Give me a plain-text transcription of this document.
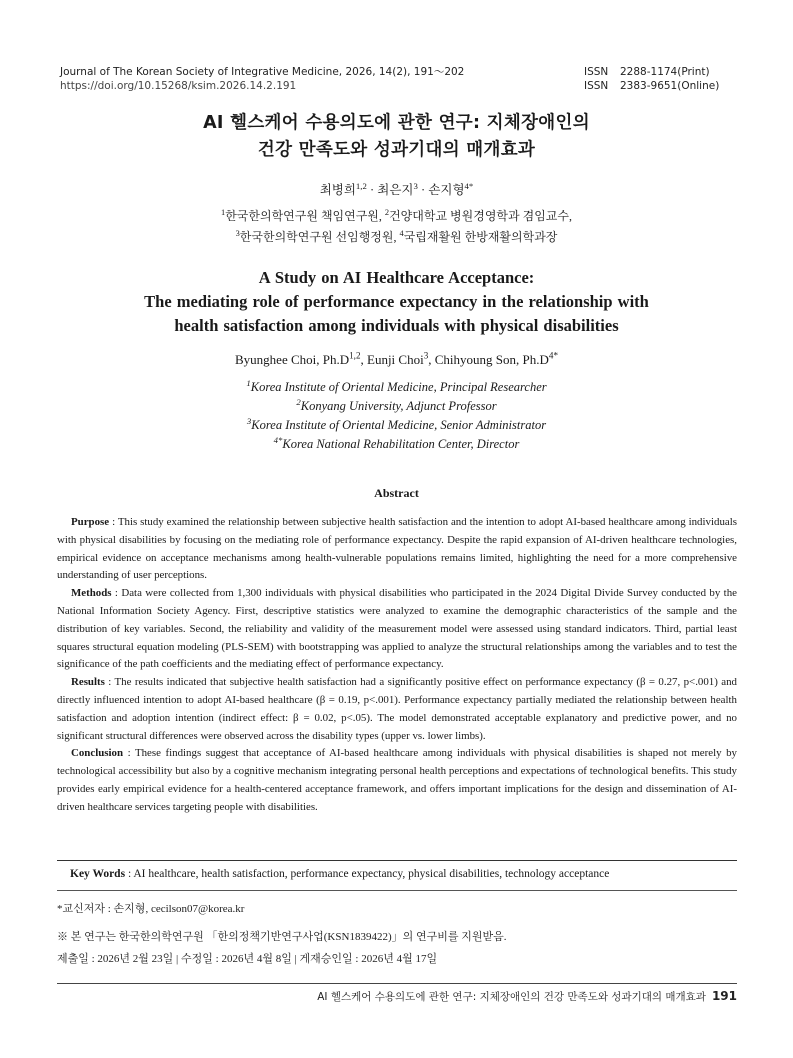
Journal of The Korean Society of Integrative Medicine, 2026, 14(2), 191～202
https://doi.org/10.15268/ksim.2026.14.2.191
ISSN 2288-1174(Print)
ISSN 2383-9651(Online)
AI 헬스케어 수용의도에 관한 연구: 지체장애인의
건강 만족도와 성과기대의 매개효과
최병희$^{1,2}$ · 최은지$^3$ · 손지형$^{4*}$
$^1$한국한의학연구원 책임연구원, $^2$건양대학교 병원경영학과 겸임교수,
$^3$한국한의학연구원 선임행정원, $^4$국립재활원 한방재활의학과장
A Study on AI Healthcare Acceptance:
The mediating role of performance expectancy in the relationship with
health satisfaction among individuals with physical disabilities
Byunghee Choi, $Ph.D^{1,2}$, Eunji Choi$^3$, Chihyoung Son, $Ph.D^{4*}$
$^1$Korea Institute of Oriental Medicine, Principal Researcher
$^2$Konyang University, Adjunct Professor
$^3$Korea Institute of Oriental Medicine, Senior Administrator
$^{4*}$Korea National Rehabilitation Center, Director
Abstract

Purpose : This study examined the relationship between subjective health satisfaction and the intention to adopt AI-based healthcare among individuals with physical disabilities by focusing on the mediating role of performance expectancy. Despite the rapid expansion of AI-driven healthcare technologies, empirical evidence on acceptance mechanisms among health-vulnerable populations remains limited, highlighting the need for a more comprehensive understanding of user perceptions.

Methods : Data were collected from 1,300 individuals with physical disabilities who participated in the 2024 Digital Divide Survey conducted by the National Information Society Agency. First, descriptive statistics were analyzed to examine the demographic characteristics of the sample and the distribution of key variables. Second, the reliability and validity of the measurement model were assessed using standard indicators. Third, partial least squares structural equation modeling (PLS-SEM) with bootstrapping was applied to analyze the structural relationships among the variables and to test the significance of the path coefficients and the mediating effect of performance expectancy.

Results : The results indicated that subjective health satisfaction had a significantly positive effect on performance expectancy (β = 0.27, p<.001) and directly influenced intention to adopt AI-based healthcare (β = 0.19, p<.001). Performance expectancy partially mediated the relationship between health satisfaction and adoption intention (indirect effect: β = 0.02, p<.05). The model demonstrated acceptable explanatory and predictive power, and no significant structural differences were observed across the disability types (upper vs. lower limbs).

Conclusion : These findings suggest that acceptance of AI-based healthcare among individuals with physical disabilities is shaped not merely by technological accessibility but also by a cognitive mechanism integrating personal health perceptions and expectations of technological benefits. This study provides early empirical evidence for a health-centered acceptance framework, and offers important implications for the design and dissemination of AI-driven healthcare services targeting people with disabilities.

Key Words : AI healthcare, health satisfaction, performance expectancy, physical disabilities, technology acceptance
*교신저자 : 손지형, cecilson07@korea.kr
※ 본 연구는 한국한의학연구원 「한의정책기반연구사업(KSN1839422)」의 연구비를 지원받음.
제출일 : 2026년 2월 23일 | 수정일 : 2026년 4월 8일 | 게재승인일 : 2026년 4월 17일
AI 헬스케어 수용의도에 관한 연구: 지체장애인의 건강 만족도와 성과기대의 매개효과 191
